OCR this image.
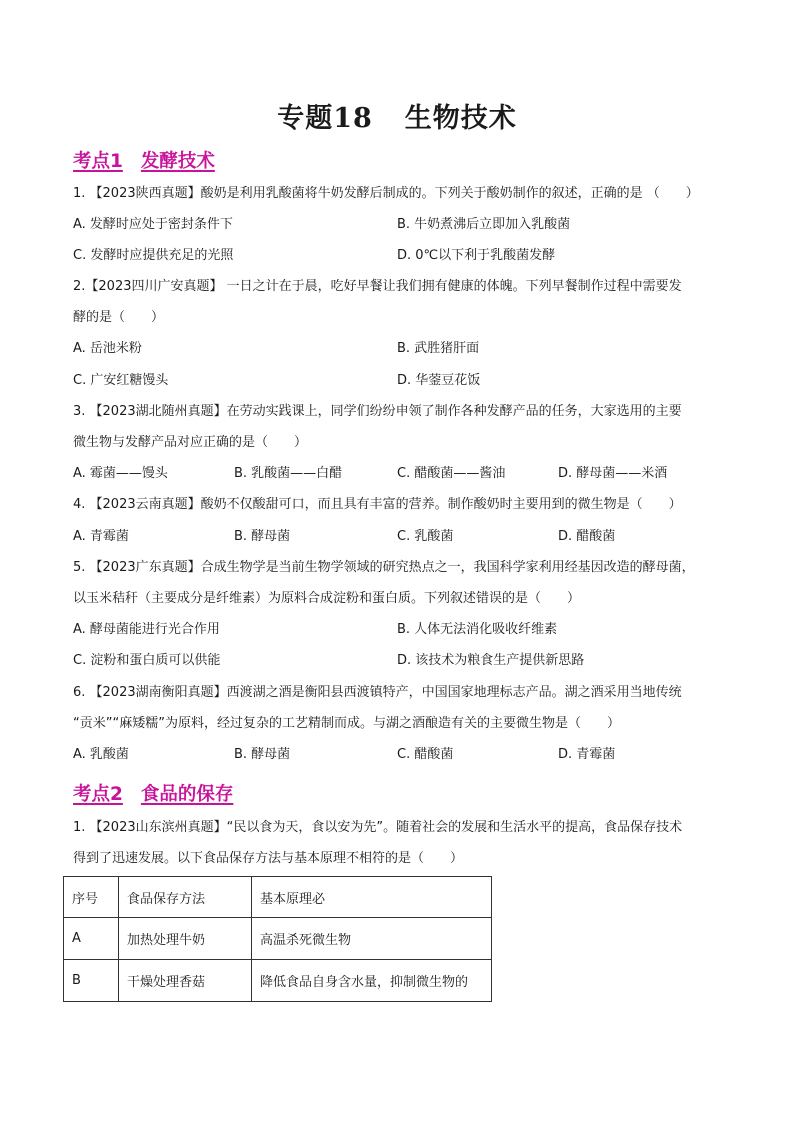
专题18 生物技术
考点1 发酵技术
1. 【2023陕西真题】酸奶是利用乳酸菌将牛奶发酵后制成的。下列关于酸奶制作的叙述，正确的是 （　　）
A. 发酵时应处于密封条件下	B. 牛奶煮沸后立即加入乳酸菌
C. 发酵时应提供充足的光照	D. 0℃以下利于乳酸菌发酵
2.【2023四川广安真题】 一日之计在于晨，吃好早餐让我们拥有健康的体魄。下列早餐制作过程中需要发
酵的是（　　）
A. 岳池米粉	B. 武胜猪肝面
C. 广安红糖馒头	D. 华蓥豆花饭
3. 【2023湖北随州真题】在劳动实践课上，同学们纷纷申领了制作各种发酵产品的任务，大家选用的主要
微生物与发酵产品对应正确的是（　　）
A. 霉菌——馒头	B. 乳酸菌——白醋	C. 醋酸菌——酱油	D. 酵母菌——米酒
4. 【2023云南真题】酸奶不仅酸甜可口，而且具有丰富的营养。制作酸奶时主要用到的微生物是（　　）
A. 青霉菌	B. 酵母菌	C. 乳酸菌	D. 醋酸菌
5. 【2023广东真题】合成生物学是当前生物学领域的研究热点之一，我国科学家利用经基因改造的酵母菌，
以玉米秸秆（主要成分是纤维素）为原料合成淀粉和蛋白质。下列叙述错误的是（　　）
A. 酵母菌能进行光合作用	B. 人体无法消化吸收纤维素
C. 淀粉和蛋白质可以供能	D. 该技术为粮食生产提供新思路
6. 【2023湖南衡阳真题】西渡湖之酒是衡阳县西渡镇特产，中国国家地理标志产品。湖之酒采用当地传统
“贡米”“麻矮糯”为原料，经过复杂的工艺精制而成。与湖之酒酿造有关的主要微生物是（　　）
A. 乳酸菌	B. 酵母菌	C. 醋酸菌	D. 青霉菌
考点2 食品的保存
1. 【2023山东滨州真题】“民以食为天，食以安为先”。随着社会的发展和生活水平的提高，食品保存技术
得到了迅速发展。以下食品保存方法与基本原理不相符的是（　　）
序号	食品保存方法	基本原理必
A	加热处理牛奶	高温杀死微生物
B	干燥处理香菇	降低食品自身含水量，抑制微生物的
